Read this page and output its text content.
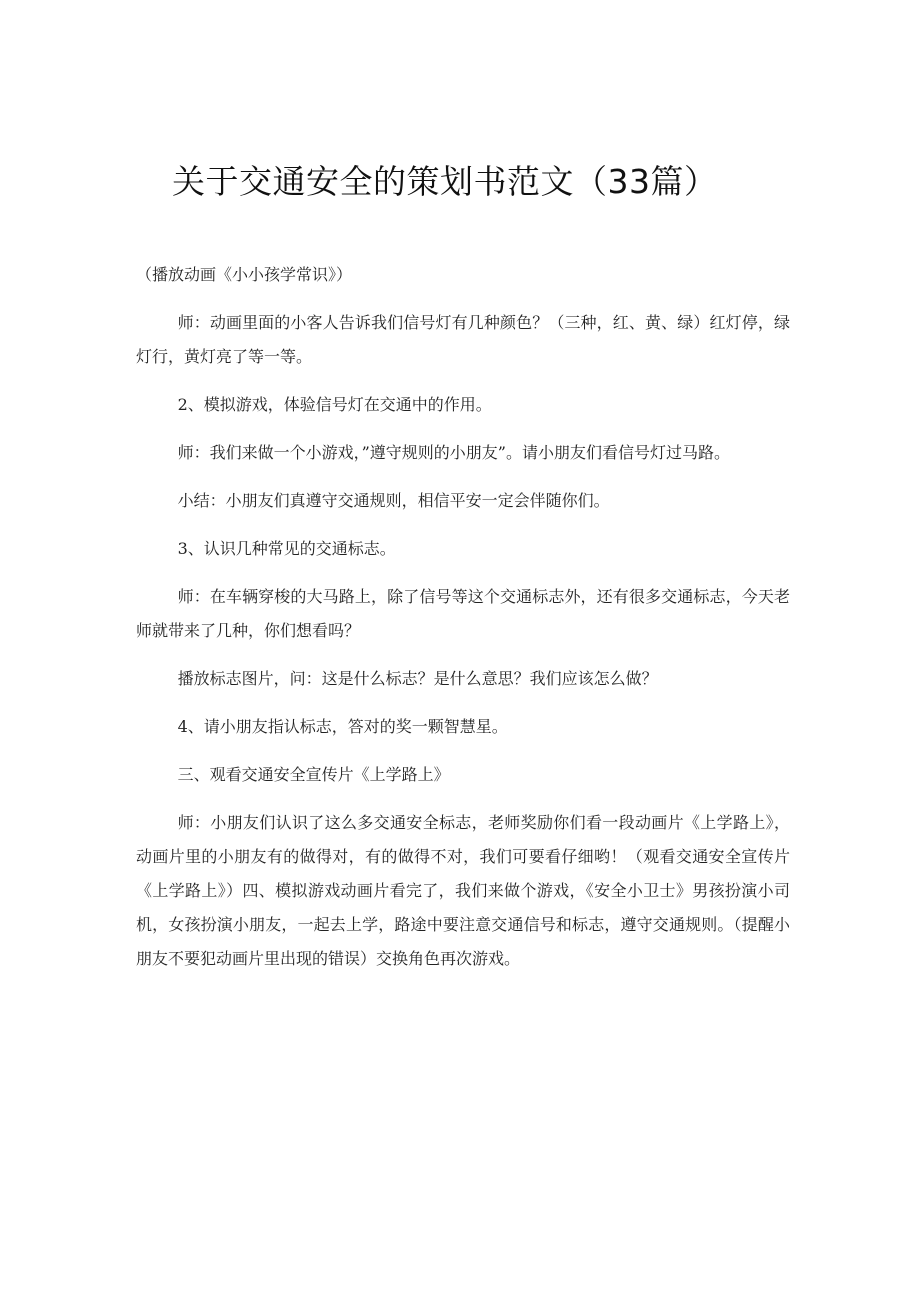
关于交通安全的策划书范文（33篇）

（播放动画《小小孩学常识》）

师：动画里面的小客人告诉我们信号灯有几种颜色？（三种，红、黄、绿）红灯停，绿灯行，黄灯亮了等一等。

2、模拟游戏，体验信号灯在交通中的作用。

师：我们来做一个小游戏，”遵守规则的小朋友”。请小朋友们看信号灯过马路。

小结：小朋友们真遵守交通规则，相信平安一定会伴随你们。

3、认识几种常见的交通标志。

师：在车辆穿梭的大马路上，除了信号等这个交通标志外，还有很多交通标志，今天老师就带来了几种，你们想看吗？

播放标志图片，问：这是什么标志？是什么意思？我们应该怎么做？

4、请小朋友指认标志，答对的奖一颗智慧星。

三、观看交通安全宣传片《上学路上》

师：小朋友们认识了这么多交通安全标志，老师奖励你们看一段动画片《上学路上》，动画片里的小朋友有的做得对，有的做得不对，我们可要看仔细哟！（观看交通安全宣传片《上学路上》）四、模拟游戏动画片看完了，我们来做个游戏，《安全小卫士》男孩扮演小司机，女孩扮演小朋友，一起去上学，路途中要注意交通信号和标志，遵守交通规则。（提醒小朋友不要犯动画片里出现的错误）交换角色再次游戏。
